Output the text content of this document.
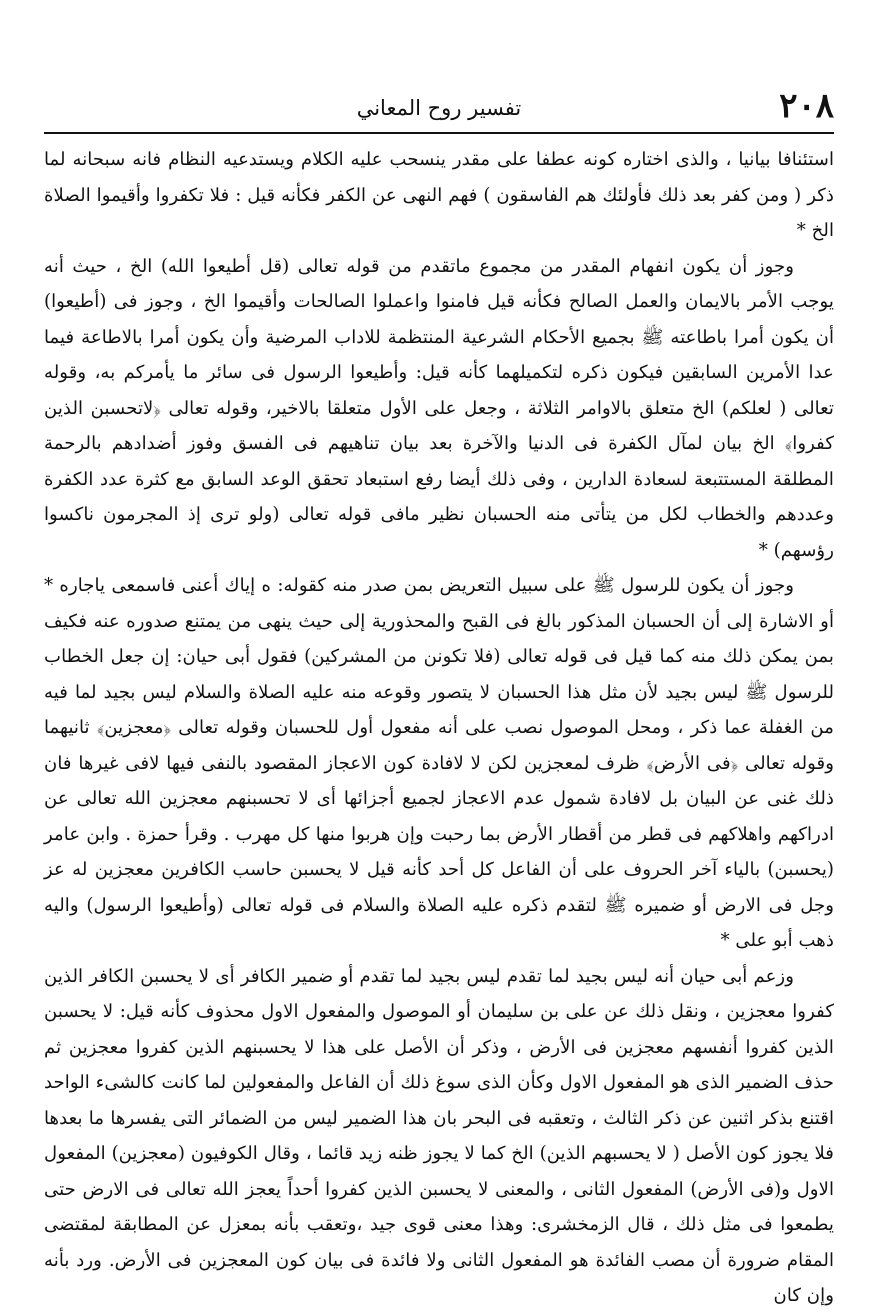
٢٠٨
تفسير روح المعاني

استئنافا بيانيا ، والذى اختاره كونه عطفا على مقدر ينسحب عليه الكلام ويستدعيه النظام فانه سبحانه لما ذكر ( ومن كفر بعد ذلك فأولئك هم الفاسقون ) فهم النهى عن الكفر فكأنه قيل : فلا تكفروا وأقيموا الصلاة الخ *

وجوز أن يكون انفهام المقدر من مجموع ماتقدم من قوله تعالى (قل أطيعوا الله) الخ ، حيث أنه يوجب الأمر بالايمان والعمل الصالح فكأنه قيل فامنوا واعملوا الصالحات وأقيموا الخ ، وجوز فى (أطيعوا) أن يكون أمرا باطاعته ﷺ بجميع الأحكام الشرعية المنتظمة للاداب المرضية وأن يكون أمرا بالاطاعة فيما عدا الأمرين السابقين فيكون ذكره لتكميلهما كأنه قيل: وأطيعوا الرسول فى سائر ما يأمركم به، وقوله تعالى ( لعلكم) الخ متعلق بالاوامر الثلاثة ، وجعل على الأول متعلقا بالاخير، وقوله تعالى ﴿لاتحسبن الذين كفروا﴾ الخ بيان لمآل الكفرة فى الدنيا والآخرة بعد بيان تناهيهم فى الفسق وفوز أضدادهم بالرحمة المطلقة المستتبعة لسعادة الدارين ، وفى ذلك أيضا رفع استبعاد تحقق الوعد السابق مع كثرة عدد الكفرة وعددهم والخطاب لكل من يتأتى منه الحسبان نظير مافى قوله تعالى (ولو ترى إذ المجرمون ناكسوا رؤسهم) *

وجوز أن يكون للرسول ﷺ على سبيل التعريض بمن صدر منه كقوله: ه إياك أعنى فاسمعى ياجاره * أو الاشارة إلى أن الحسبان المذكور بالغ فى القبح والمحذورية إلى حيث ينهى من يمتنع صدوره عنه فكيف بمن يمكن ذلك منه كما قيل فى قوله تعالى (فلا تكونن من المشركين) فقول أبى حيان: إن جعل الخطاب للرسول ﷺ ليس بجيد لأن مثل هذا الحسبان لا يتصور وقوعه منه عليه الصلاة والسلام ليس بجيد لما فيه من الغفلة عما ذكر ، ومحل الموصول نصب على أنه مفعول أول للحسبان وقوله تعالى ﴿معجزين﴾ ثانيهما وقوله تعالى ﴿فى الأرض﴾ ظرف لمعجزين لكن لا لافادة كون الاعجاز المقصود بالنفى فيها لافى غيرها فان ذلك غنى عن البيان بل لافادة شمول عدم الاعجاز لجميع أجزائها أى لا تحسبنهم معجزين الله تعالى عن ادراكهم واهلاكهم فى قطر من أقطار الأرض بما رحبت وإن هربوا منها كل مهرب . وقرأ حمزة . وابن عامر (يحسبن) بالياء آخر الحروف على أن الفاعل كل أحد كأنه قيل لا يحسبن حاسب الكافرين معجزين له عز وجل فى الارض أو ضميره ﷺ لتقدم ذكره عليه الصلاة والسلام فى قوله تعالى (وأطيعوا الرسول) واليه ذهب أبو على *

وزعم أبى حيان أنه ليس بجيد لما تقدم ليس بجيد لما تقدم أو ضمير الكافر أى لا يحسبن الكافر الذين كفروا معجزين ، ونقل ذلك عن على بن سليمان أو الموصول والمفعول الاول محذوف كأنه قيل: لا يحسبن الذين كفروا أنفسهم معجزين فى الأرض ، وذكر أن الأصل على هذا لا يحسبنهم الذين كفروا معجزين ثم حذف الضمير الذى هو المفعول الاول وكأن الذى سوغ ذلك أن الفاعل والمفعولين لما كانت كالشىء الواحد اقتنع بذكر اثنين عن ذكر الثالث ، وتعقبه فى البحر بان هذا الضمير ليس من الضمائر التى يفسرها ما بعدها فلا يجوز كون الأصل ( لا يحسبهم الذين) الخ كما لا يجوز ظنه زيد قائما ، وقال الكوفيون (معجزين) المفعول الاول و(فى الأرض) المفعول الثانى ، والمعنى لا يحسبن الذين كفروا أحداً يعجز الله تعالى فى الارض حتى يطمعوا فى مثل ذلك ، قال الزمخشرى: وهذا معنى قوى جيد ،وتعقب بأنه بمعزل عن المطابقة لمقتضى المقام ضرورة أن مصب الفائدة هو المفعول الثانى ولا فائدة فى بيان كون المعجزين فى الأرض. ورد بأنه وإن كان
